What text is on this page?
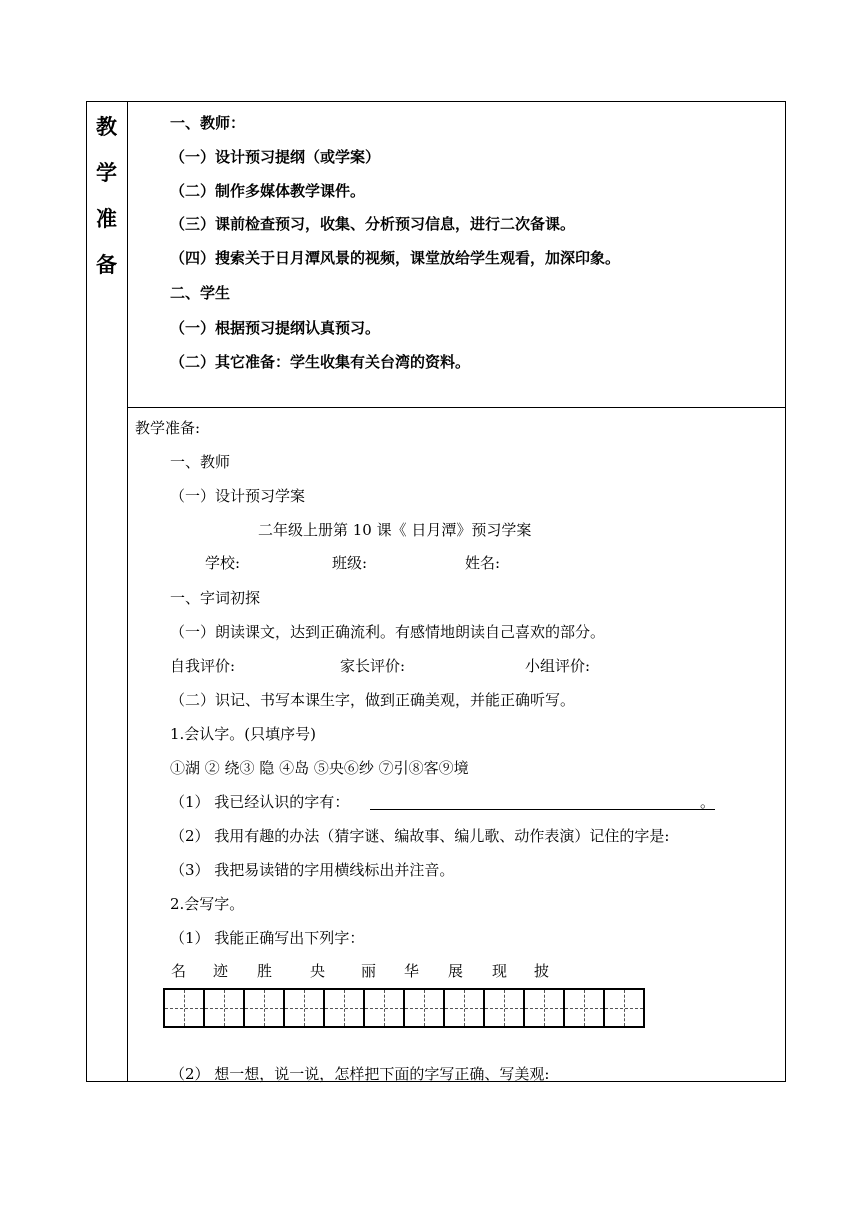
教
学
准
备
一、教师：
（一）设计预习提纲（或学案）
（二）制作多媒体教学课件。
（三）课前检查预习，收集、分析预习信息，进行二次备课。
（四）搜索关于日月潭风景的视频，课堂放给学生观看，加深印象。
二、学生
（一）根据预习提纲认真预习。
（二）其它准备：学生收集有关台湾的资料。
教学准备:
一、教师
（一）设计预习学案
二年级上册第 10 课《 日月潭》预习学案
学校:	班级:	姓名:
一、字词初探
（一）朗读课文，达到正确流利。有感情地朗读自己喜欢的部分。
自我评价:	家长评价:	小组评价:
（二）识记、书写本课生字，做到正确美观，并能正确听写。
1.会认字。(只填序号)
①湖 ② 绕③ 隐 ④岛 ⑤央⑥纱 ⑦引⑧客⑨境
（1） 我已经认识的字有：	。
（2） 我用有趣的办法（猜字谜、编故事、编儿歌、动作表演）记住的字是:
（3） 我把易读错的字用横线标出并注音。
2.会写字。
（1） 我能正确写出下列字：
名 迹 胜	央 丽 华 展 现 披
（2） 想一想，说一说，怎样把下面的字写正确、写美观:
